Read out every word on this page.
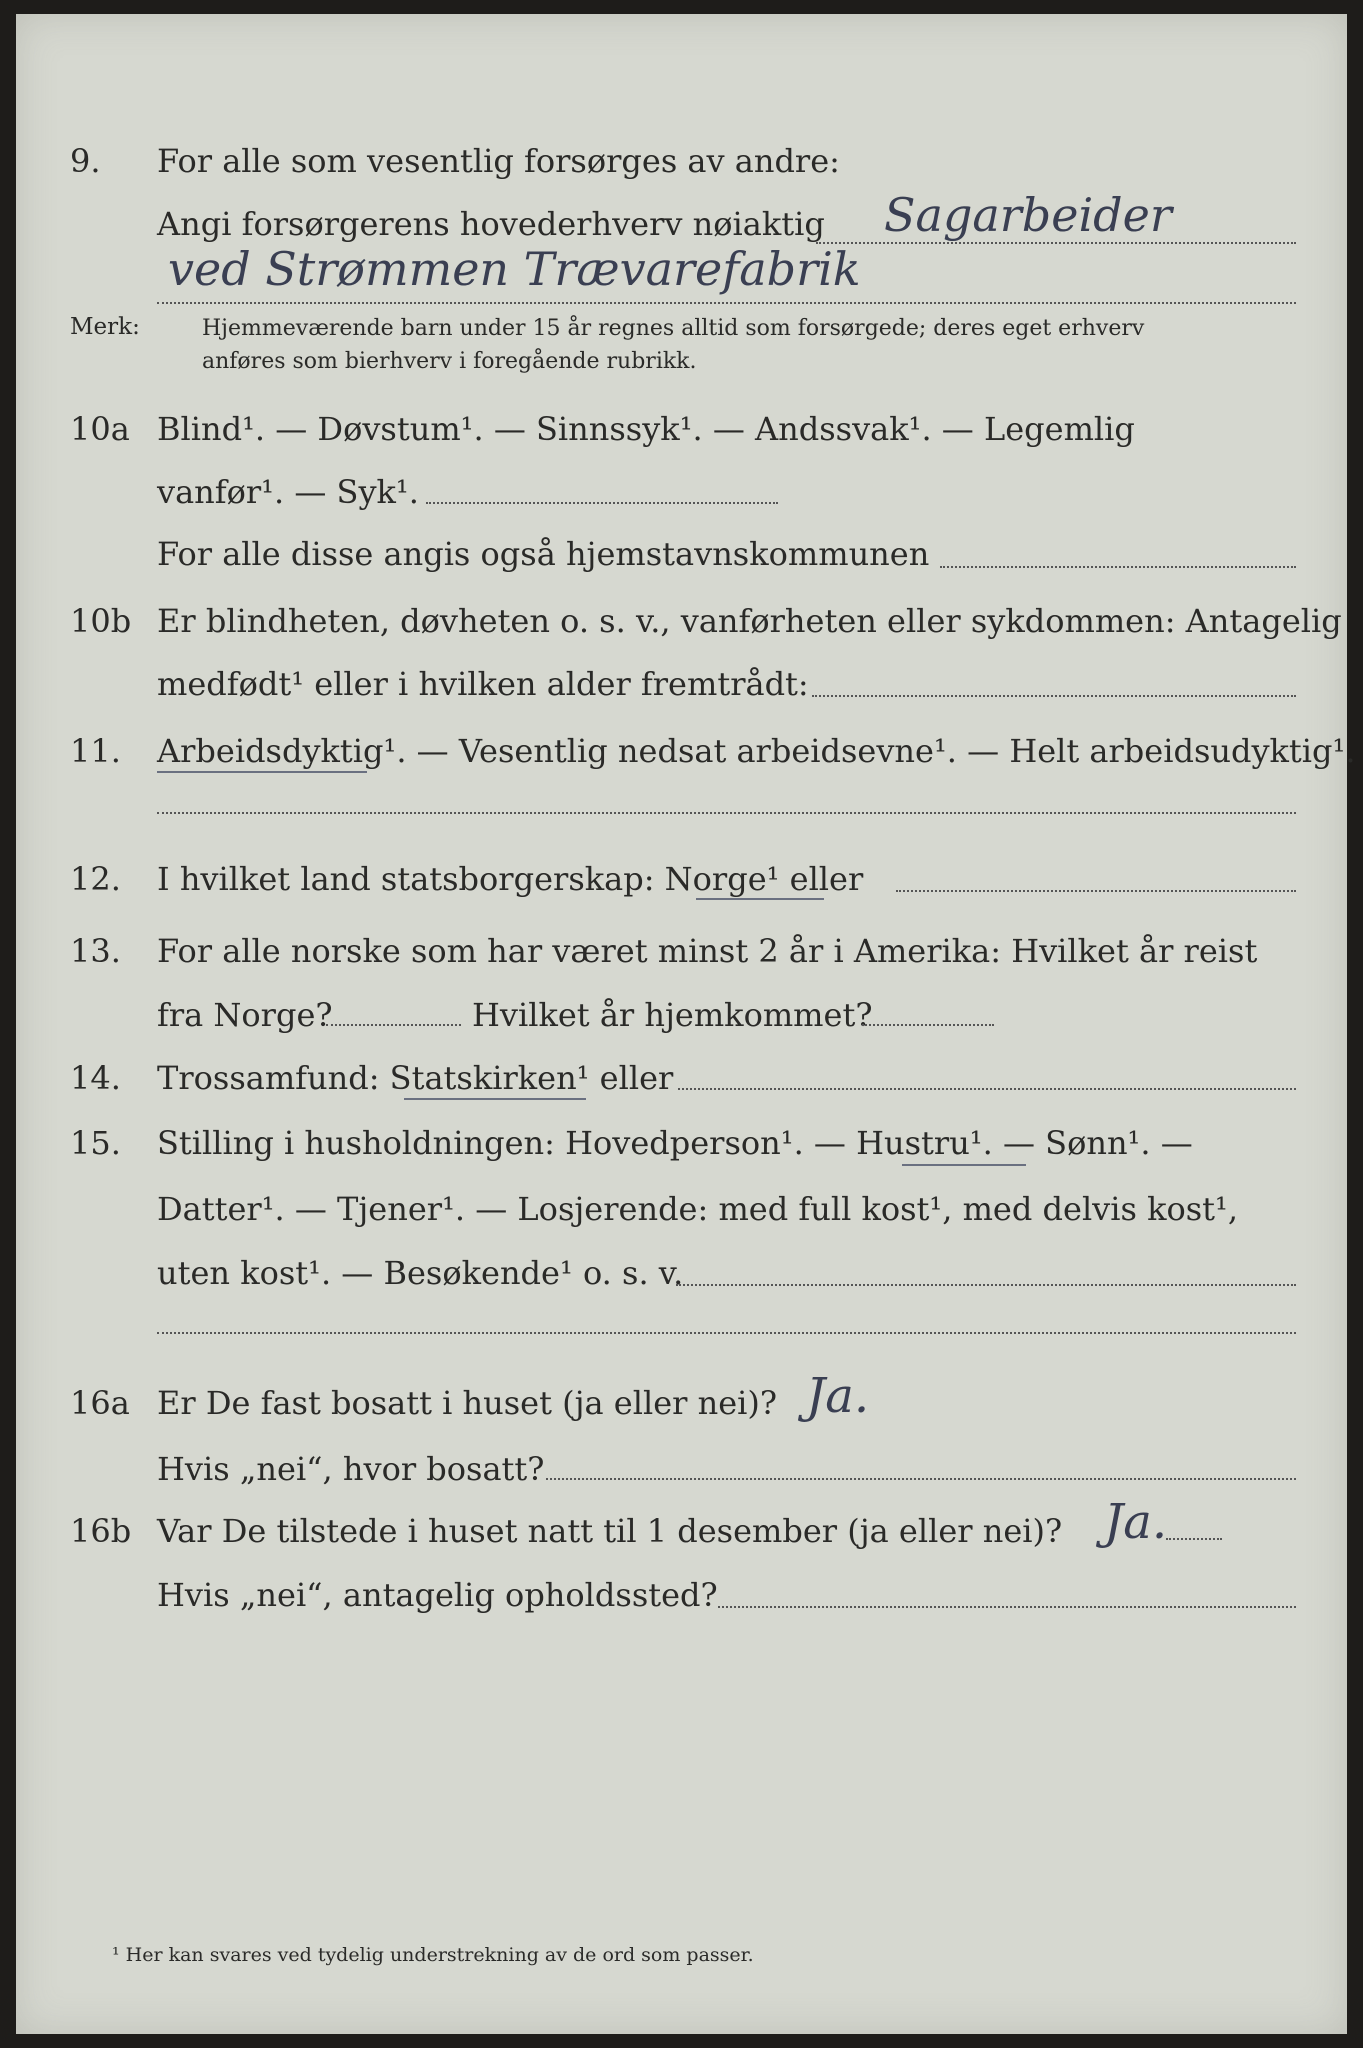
9. For alle som vesentlig forsørges av andre:
Angi forsørgerens hovederhverv nøiaktig Sagarbeider
ved Strømmen Trævarefabrik
Merk:	Hjemmeværende barn under 15 år regnes alltid som forsørgede; deres eget erhverv
anføres som bierhverv i foregående rubrikk.
10a Blind¹. — Døvstum¹. — Sinnssyk¹. — Andssvak¹. — Legemlig
vanfør¹. — Syk¹.
For alle disse angis også hjemstavnskommunen
10b Er blindheten, døvheten o. s. v., vanførheten eller sykdommen: Antagelig
medfødt¹ eller i hvilken alder fremtrådt:
11. Arbeidsdyktig¹. — Vesentlig nedsat arbeidsevne¹. — Helt arbeidsudyktig¹.
12. I hvilket land statsborgerskap: Norge¹ eller
13. For alle norske som har været minst 2 år i Amerika: Hvilket år reist
fra Norge?	Hvilket år hjemkommet?
14. Trossamfund: Statskirken¹ eller
15. Stilling i husholdningen: Hovedperson¹. — Hustru¹. — Sønn¹. —
Datter¹. — Tjener¹. — Losjerende: med full kost¹, med delvis kost¹,
uten kost¹. — Besøkende¹ o. s. v.
16a Er De fast bosatt i huset (ja eller nei)? Ja.
Hvis „nei“, hvor bosatt?
16b Var De tilstede i huset natt til 1 desember (ja eller nei)? Ja.
Hvis „nei“, antagelig opholdssted?
¹ Her kan svares ved tydelig understrekning av de ord som passer.
